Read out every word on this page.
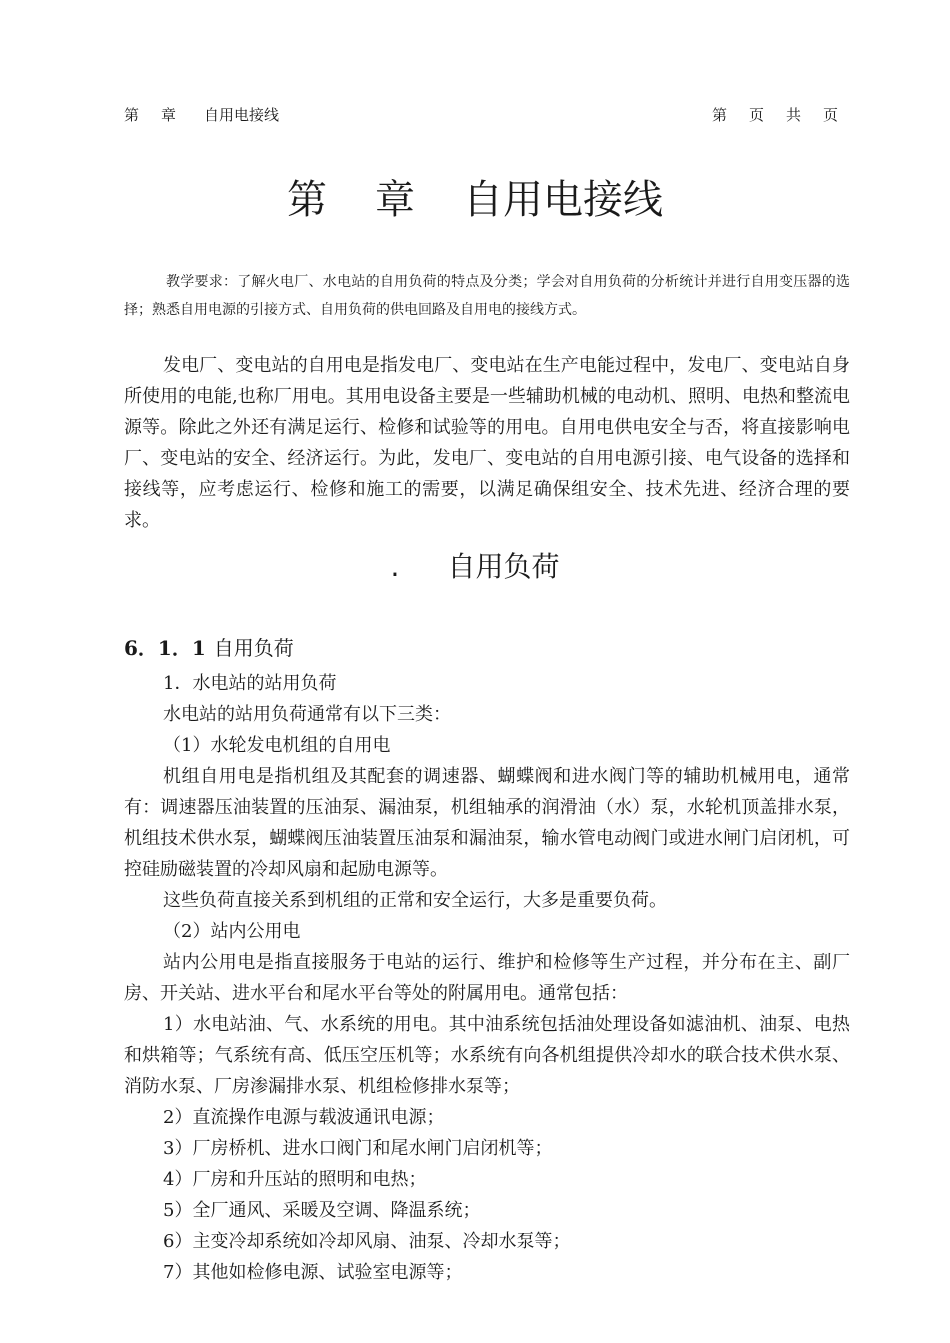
第 章 自用电接线	第 页 共 页
第 章 自用电接线
教学要求：了解火电厂、水电站的自用负荷的特点及分类；学会对自用负荷的分析统计并进行自用变压器的选择；熟悉自用电源的引接方式、自用负荷的供电回路及自用电的接线方式。
发电厂、变电站的自用电是指发电厂、变电站在生产电能过程中，发电厂、变电站自身所使用的电能,也称厂用电。其用电设备主要是一些辅助机械的电动机、照明、电热和整流电源等。除此之外还有满足运行、检修和试验等的用电。自用电供电安全与否，将直接影响电厂、变电站的安全、经济运行。为此，发电厂、变电站的自用电源引接、电气设备的选择和接线等，应考虑运行、检修和施工的需要，以满足确保组安全、技术先进、经济合理的要求。
. 自用负荷
6．1．1 自用负荷

1．水电站的站用负荷

水电站的站用负荷通常有以下三类：

（1）水轮发电机组的自用电

机组自用电是指机组及其配套的调速器、蝴蝶阀和进水阀门等的辅助机械用电，通常有：调速器压油装置的压油泵、漏油泵，机组轴承的润滑油（水）泵，水轮机顶盖排水泵，机组技术供水泵，蝴蝶阀压油装置压油泵和漏油泵，输水管电动阀门或进水闸门启闭机，可控硅励磁装置的冷却风扇和起励电源等。

这些负荷直接关系到机组的正常和安全运行，大多是重要负荷。

（2）站内公用电

站内公用电是指直接服务于电站的运行、维护和检修等生产过程，并分布在主、副厂房、开关站、进水平台和尾水平台等处的附属用电。通常包括：

1）水电站油、气、水系统的用电。其中油系统包括油处理设备如滤油机、油泵、电热和烘箱等；气系统有高、低压空压机等；水系统有向各机组提供冷却水的联合技术供水泵、消防水泵、厂房渗漏排水泵、机组检修排水泵等；

2）直流操作电源与载波通讯电源；

3）厂房桥机、进水口阀门和尾水闸门启闭机等；

4）厂房和升压站的照明和电热；

5）全厂通风、采暖及空调、降温系统；

6）主变冷却系统如冷却风扇、油泵、冷却水泵等；

7）其他如检修电源、试验室电源等；
